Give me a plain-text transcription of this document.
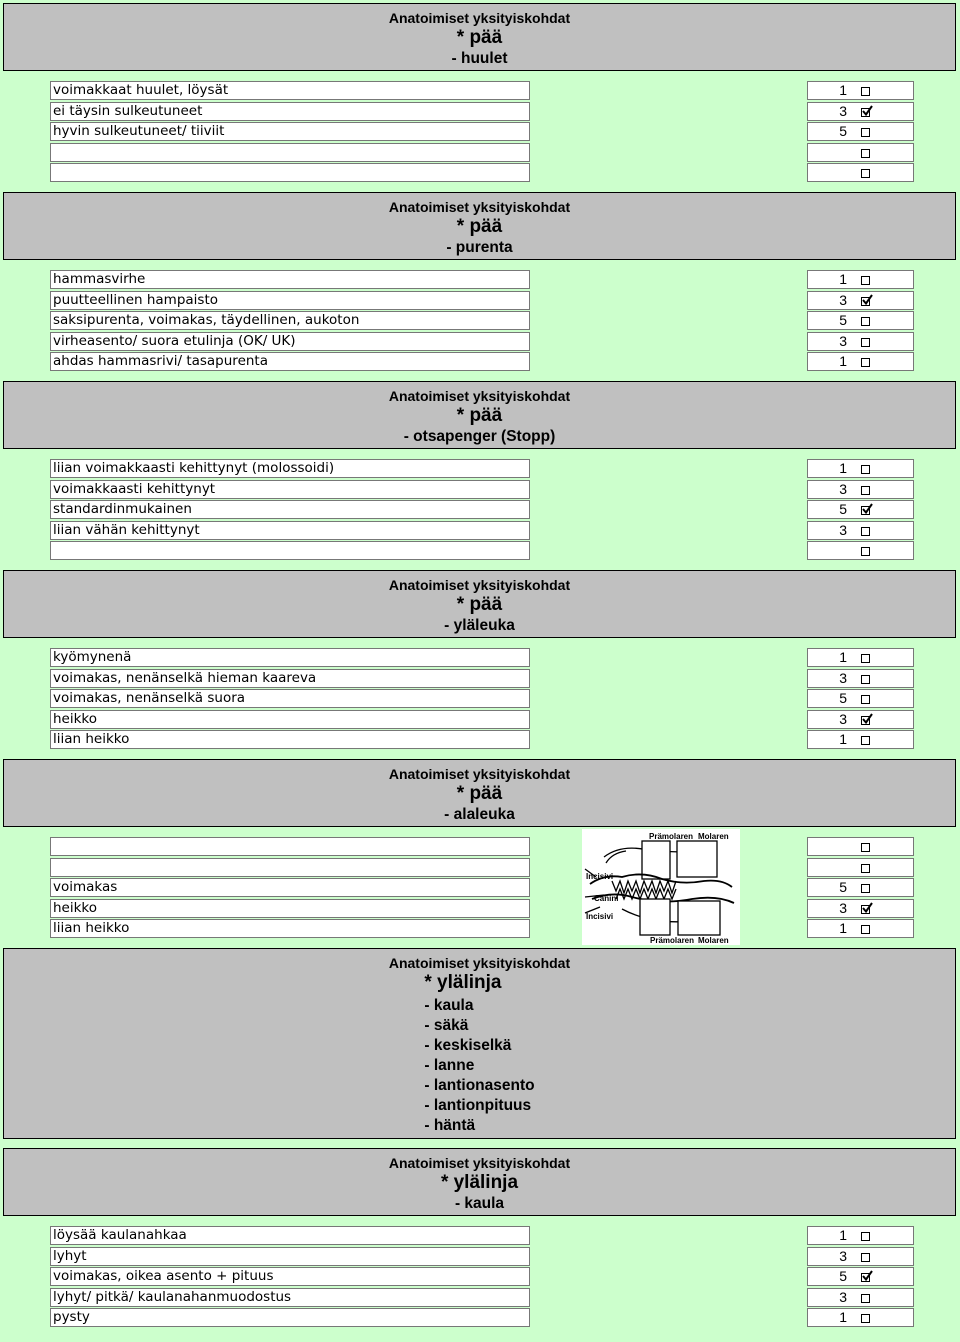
Anatoimiset yksityiskohdat
* pää
- huulet
voimakkaat huulet, löysät
ei täysin sulkeutuneet
hyvin sulkeutuneet/ tiiviit
1
3
5
Anatoimiset yksityiskohdat
* pää
- purenta
hammasvirhe
puutteellinen hampaisto
saksipurenta, voimakas, täydellinen, aukoton
virheasento/ suora etulinja (OK/ UK)
ahdas hammasrivi/ tasapurenta
1
3
5
3
1
Anatoimiset yksityiskohdat
* pää
- otsapenger (Stopp)
liian voimakkaasti kehittynyt (molossoidi)
voimakkaasti kehittynyt
standardinmukainen
liian vähän kehittynyt
1
3
5
3
Anatoimiset yksityiskohdat
* pää
- yläleuka
kyömynenä
voimakas, nenänselkä hieman kaareva
voimakas, nenänselkä suora
heikko
liian heikko
1
3
5
3
1
Anatoimiset yksityiskohdat
* pää
- alaleuka
voimakas
heikko
liian heikko
5
3
1
Prämolaren Molaren
Incisivi
Canini
Incisivi
Prämolaren Molaren
Anatoimiset yksityiskohdat
* ylälinja
- kaula
- säkä
- keskiselkä
- lanne
- lantionasento
- lantionpituus
- häntä
Anatoimiset yksityiskohdat
* ylälinja
- kaula
löysää kaulanahkaa
lyhyt
voimakas, oikea asento + pituus
lyhyt/ pitkä/ kaulanahanmuodostus
pysty
1
3
5
3
1
